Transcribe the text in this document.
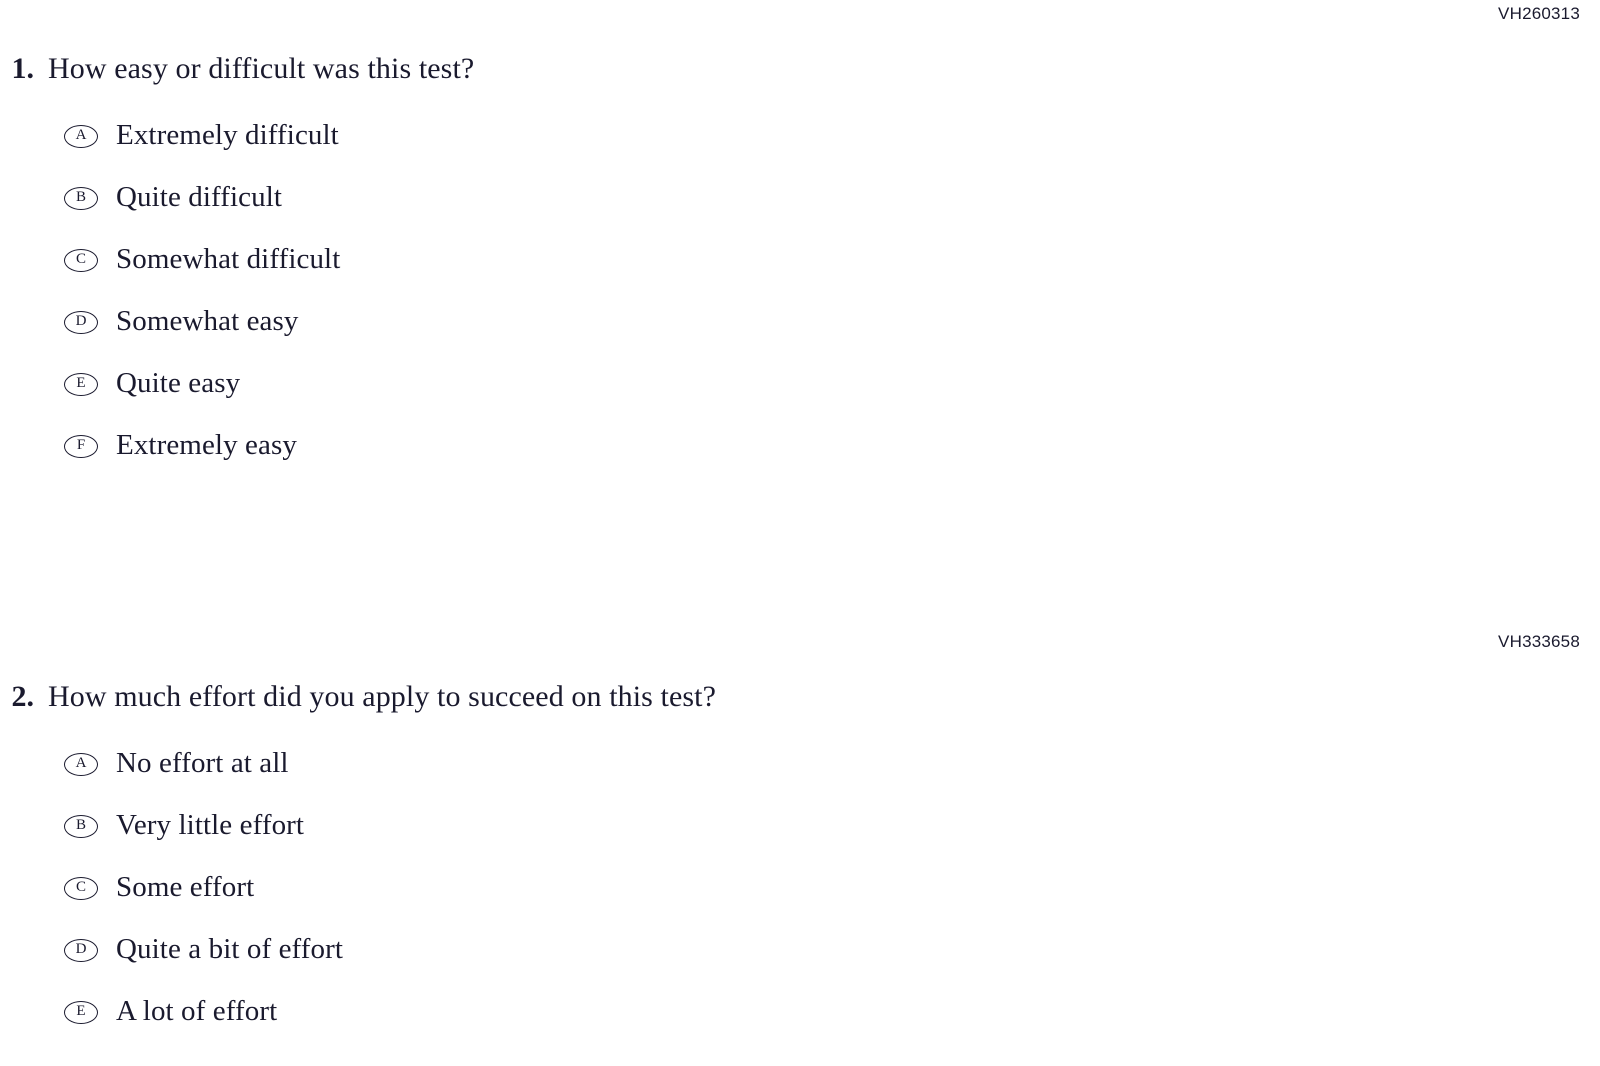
VH260313
1. How easy or difficult was this test?
A Extremely difficult
B Quite difficult
C Somewhat difficult
D Somewhat easy
E Quite easy
F Extremely easy
VH333658
2. How much effort did you apply to succeed on this test?
A No effort at all
B Very little effort
C Some effort
D Quite a bit of effort
E A lot of effort
